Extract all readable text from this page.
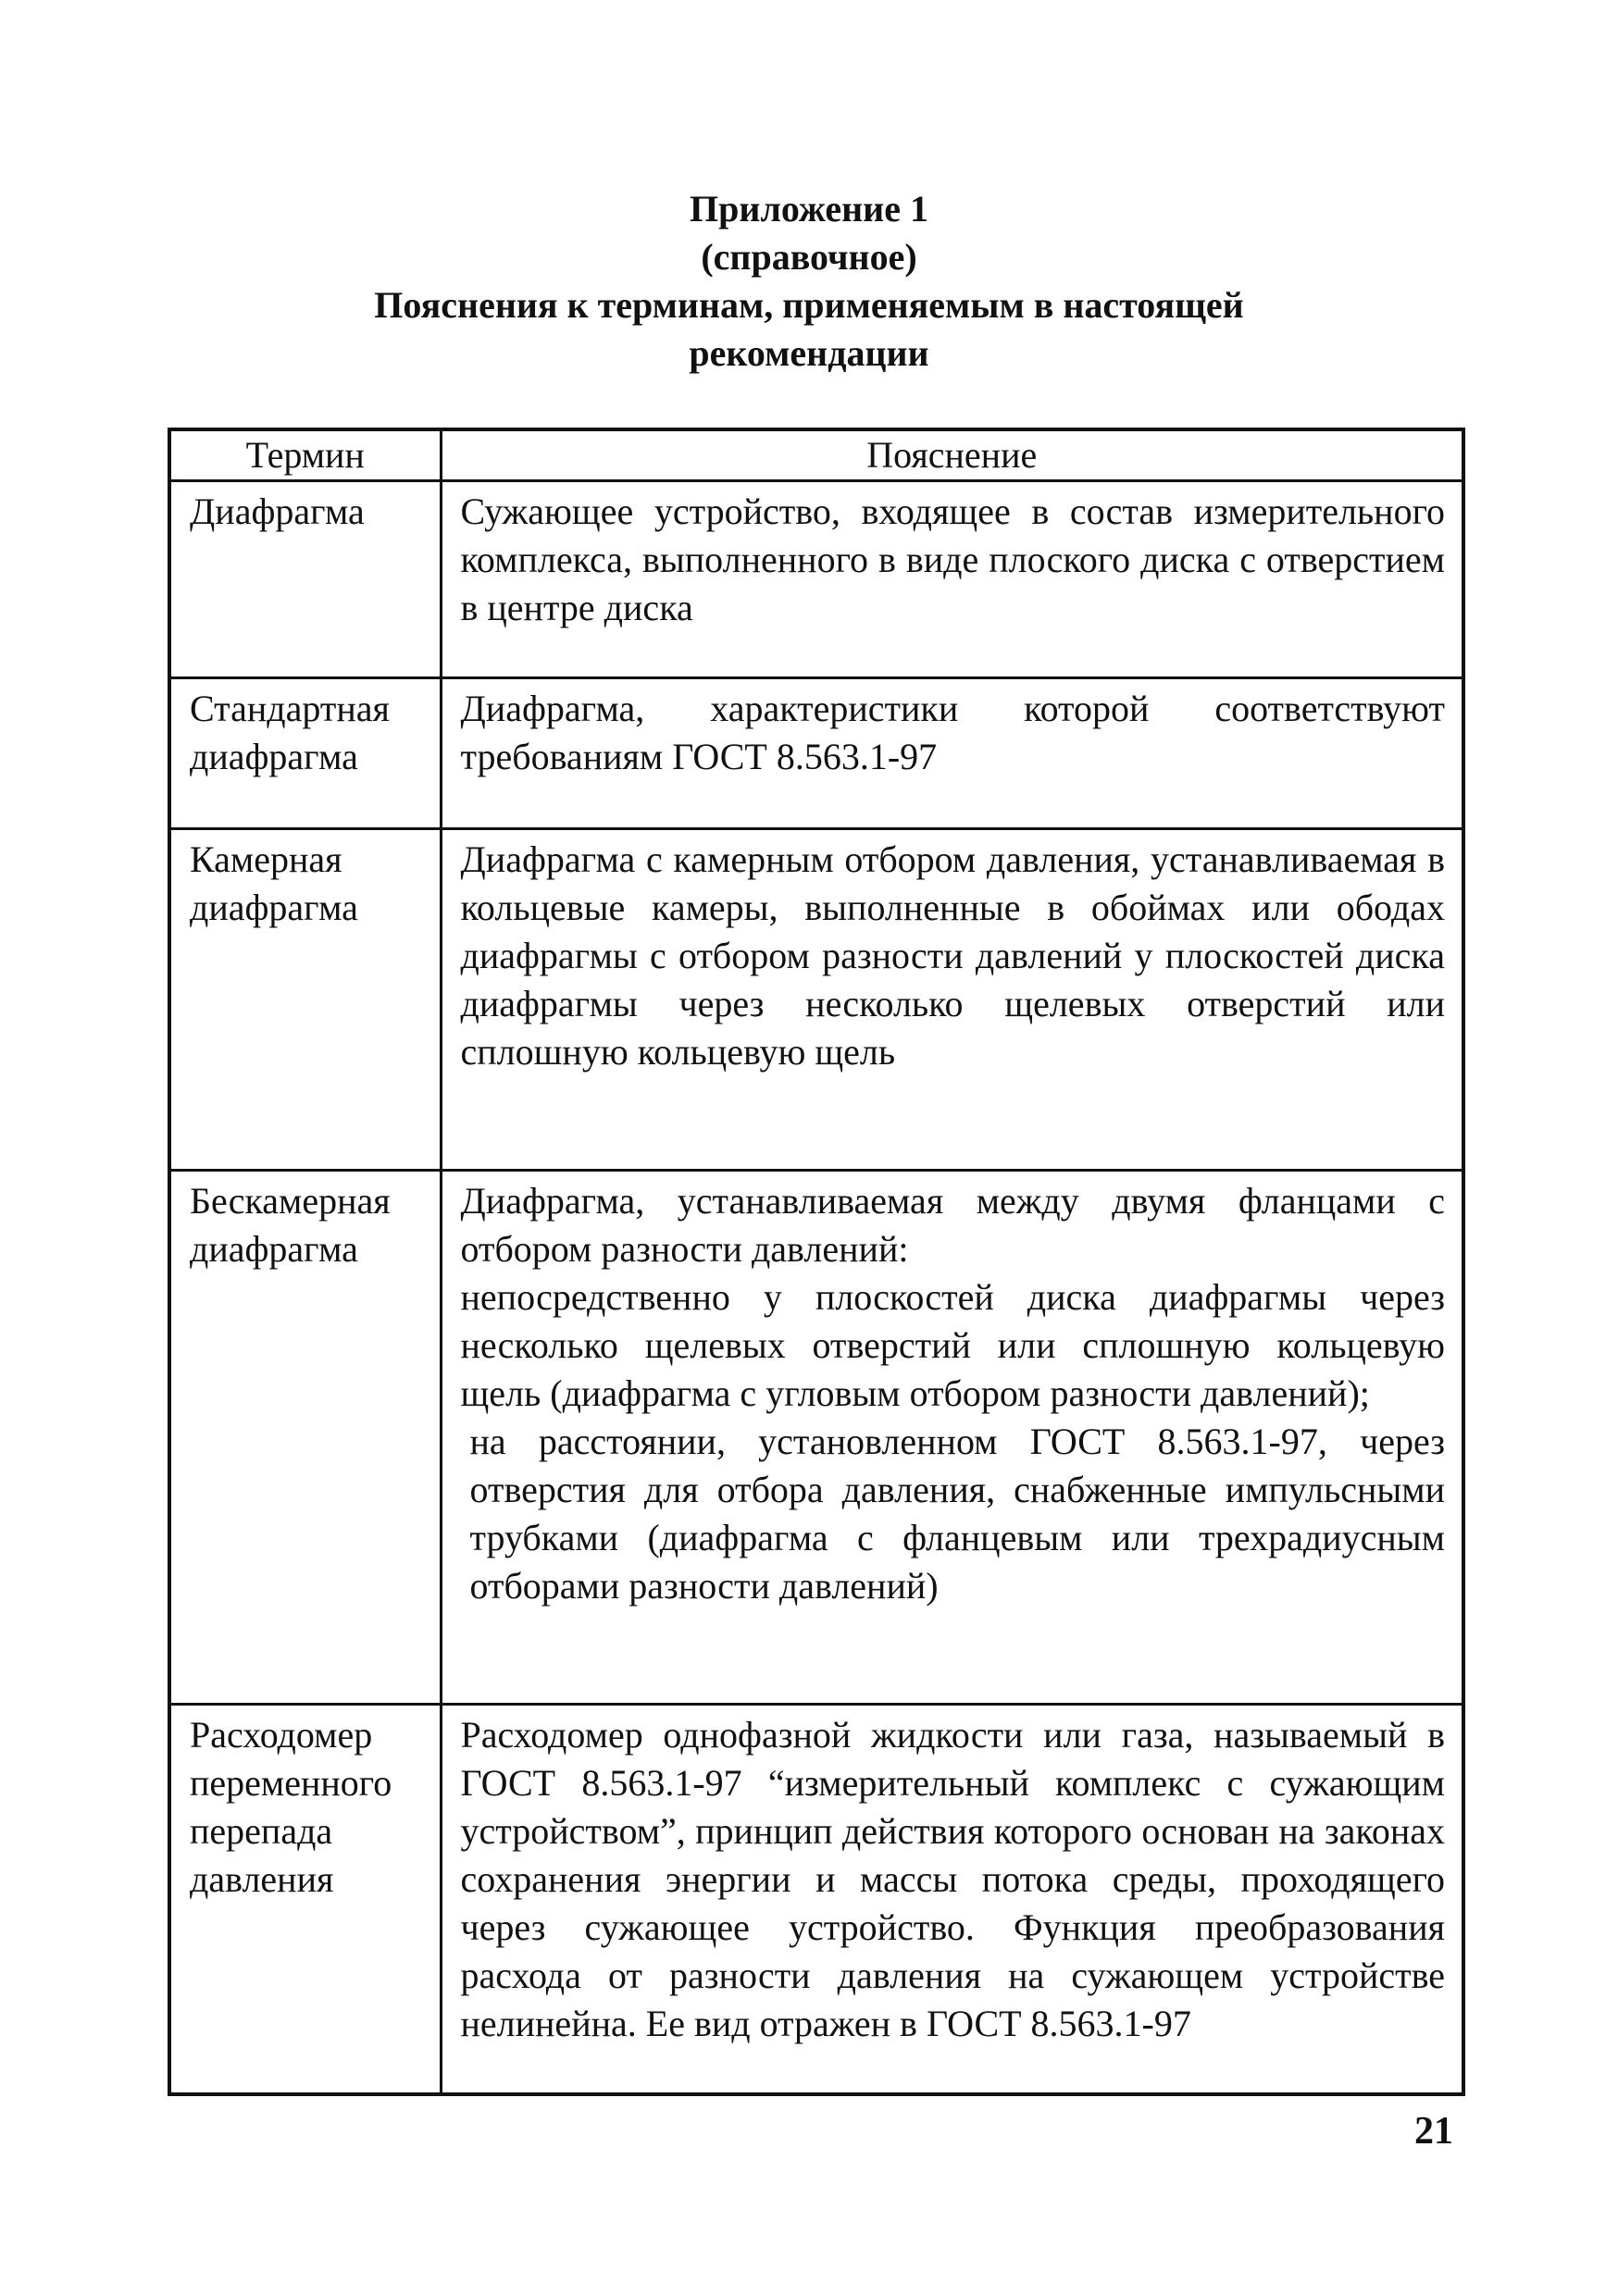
Приложение 1
(справочное)
Пояснения к терминам, применяемым в настоящей
рекомендации
Термин	Пояснение
Диафрагма	Сужающее устройство, входящее в состав измерительного комплекса, выполненного в виде плоского диска с отверстием в центре диска
Стандартная диафрагма	Диафрагма, характеристики которой соответствуют требованиям ГОСТ 8.563.1-97
Камерная диафрагма	Диафрагма с камерным отбором давления, устанавливаемая в кольцевые камеры, выполненные в обоймах или ободах диафрагмы с отбором разности давлений у плоскостей диска диафрагмы через несколько щелевых отверстий или сплошную кольцевую щель
Бескамерная диафрагма	Диафрагма, устанавливаемая между двумя фланцами с отбором разности давлений:
непосредственно у плоскостей диска диафрагмы через несколько щелевых отверстий или сплошную кольцевую щель (диафрагма с угловым отбором разности давлений);
на расстоянии, установленном ГОСТ 8.563.1-97, через отверстия для отбора давления, снабженные импульсными трубками (диафрагма с фланцевым или трехрадиусным отборами разности давлений)

Расходомер переменного перепада давления	Расходомер однофазной жидкости или газа, называемый в ГОСТ 8.563.1-97 “измерительный комплекс с сужающим устройством”, принцип действия которого основан на законах сохранения энергии и массы потока среды, проходящего через сужающее устройство. Функция преобразования расхода от разности давления на сужающем устройстве нелинейна. Ее вид отражен в ГОСТ 8.563.1-97
21
